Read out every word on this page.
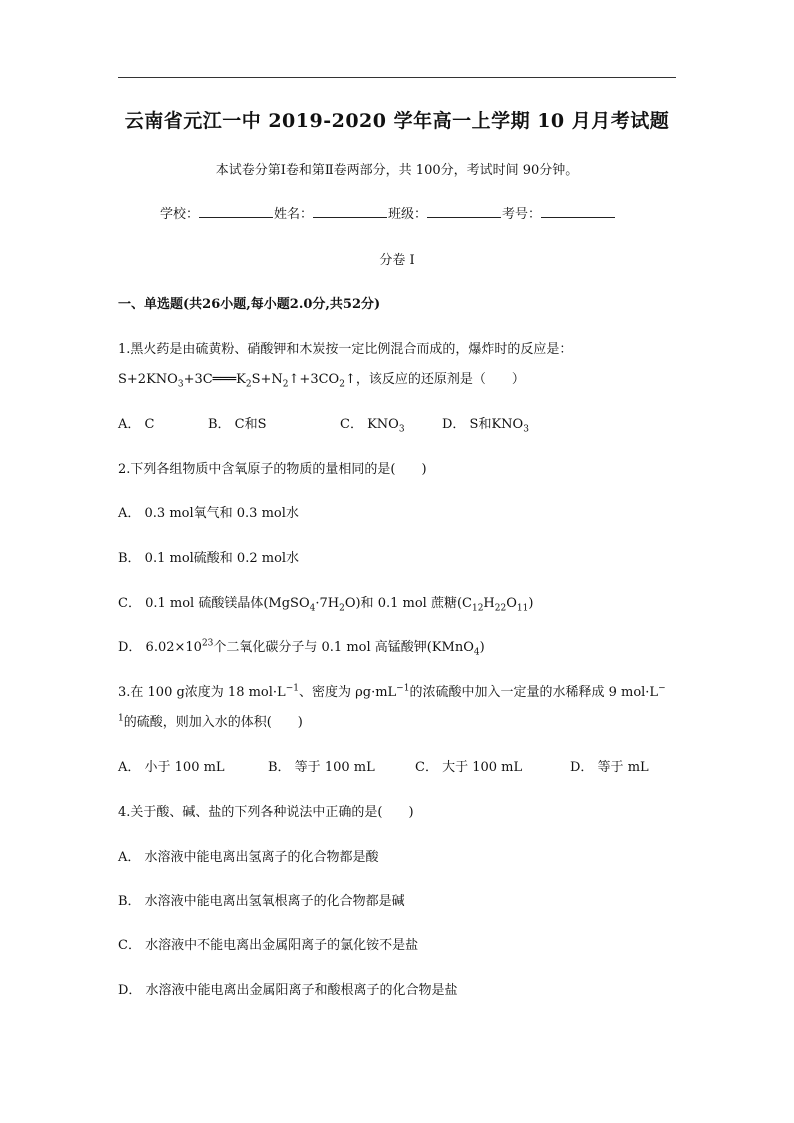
云南省元江一中 2019-2020 学年高一上学期 10 月月考试题
本试卷分第Ⅰ卷和第Ⅱ卷两部分，共 100分，考试时间 90分钟。
学校：	姓名：	班级：	考号：
分卷 I
一、单选题(共26小题,每小题2.0分,共52分)
1.黑火药是由硫黄粉、硝酸钾和木炭按一定比例混合而成的，爆炸时的反应是：
$S+2KNO_3+3C═══K_2S+N_2↑+3CO_2↑$，该反应的还原剂是（　　）
A． C	B． C和S	C． $KNO_3$	D． S和$KNO_3$
2.下列各组物质中含氧原子的物质的量相同的是(　　)
A． 0.3 mol氧气和 0.3 mol水
B． 0.1 mol硫酸和 0.2 mol水
C． 0.1 mol 硫酸镁晶体$(MgSO_4\cdot 7H_2O)$和 0.1 mol 蔗糖$(C_{12}H_{22}O_{11})$
D． $6.02\times 10^{23}$个二氧化碳分子与 0.1 mol 高锰酸钾(KMnO$_4$)
3.在 100 g浓度为 18 $mol\cdot L^{-1}$、密度为 $\rho g\cdot mL^{-1}$的浓硫酸中加入一定量的水稀释成 9 mol·L−
$^1$的硫酸，则加入水的体积(　　)
A． 小于 100 mL	B． 等于 100 mL	C． 大于 100 mL	D． 等于 mL
4.关于酸、碱、盐的下列各种说法中正确的是(　　)
A． 水溶液中能电离出氢离子的化合物都是酸
B． 水溶液中能电离出氢氧根离子的化合物都是碱
C． 水溶液中不能电离出金属阳离子的氯化铵不是盐
D． 水溶液中能电离出金属阳离子和酸根离子的化合物是盐
